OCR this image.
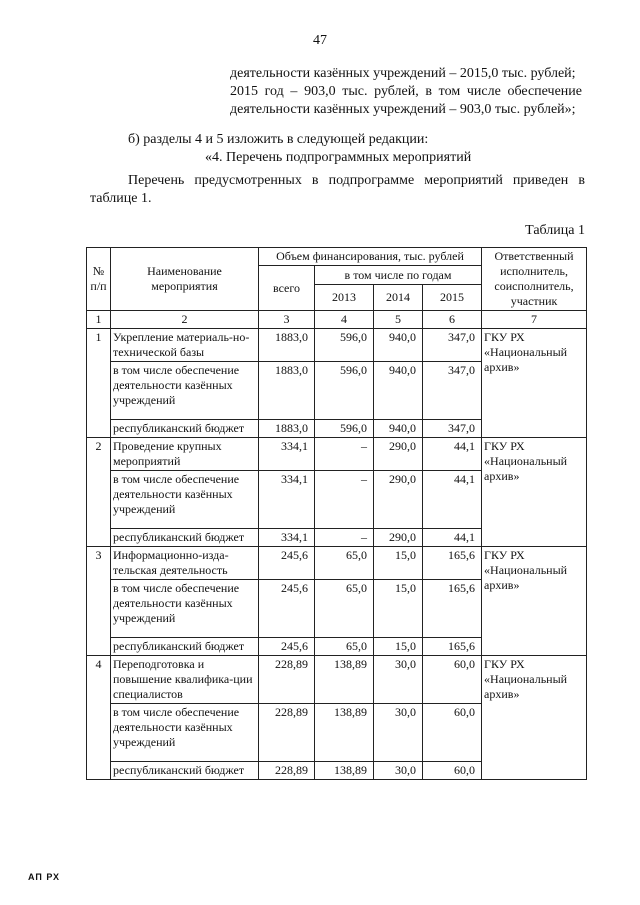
47
деятельности казённых учреждений – 2015,0 тыс. рублей;
2015 год – 903,0 тыс. рублей, в том числе обеспечение
деятельности казённых учреждений – 903,0 тыс. рублей»;
б) разделы 4 и 5 изложить в следующей редакции:
«4. Перечень подпрограммных мероприятий
Перечень предусмотренных в подпрограмме мероприятий приведен в
таблице 1.
Таблица 1
№ п/п	Наименование мероприятия	Объем финансирования, тыс. рублей				Ответственный исполнитель, соисполнитель, участник
		всего	в том числе по годам			
			2013	2014	2015	
1	2	3	4	5	6	7
1	Укрепление материаль-но-технической базы	1883,0	596,0	940,0	347,0	ГКУ РХ «Национальный архив»
	в том числе обеспечение деятельности казённых учреждений	1883,0	596,0	940,0	347,0	
	республиканский бюджет	1883,0	596,0	940,0	347,0	
2	Проведение крупных мероприятий	334,1	–	290,0	44,1	ГКУ РХ «Национальный архив»
	в том числе обеспечение деятельности казённых учреждений	334,1	–	290,0	44,1	
	республиканский бюджет	334,1	–	290,0	44,1	
3	Информационно-изда-тельская деятельность	245,6	65,0	15,0	165,6	ГКУ РХ «Национальный архив»
	в том числе обеспечение деятельности казённых учреждений	245,6	65,0	15,0	165,6	
	республиканский бюджет	245,6	65,0	15,0	165,6	
4	Переподготовка и повышение квалифика-ции специалистов	228,89	138,89	30,0	60,0	ГКУ РХ «Национальный архив»
	в том числе обеспечение деятельности казённых учреждений	228,89	138,89	30,0	60,0	
	республиканский бюджет	228,89	138,89	30,0	60,0	
АП РХ
